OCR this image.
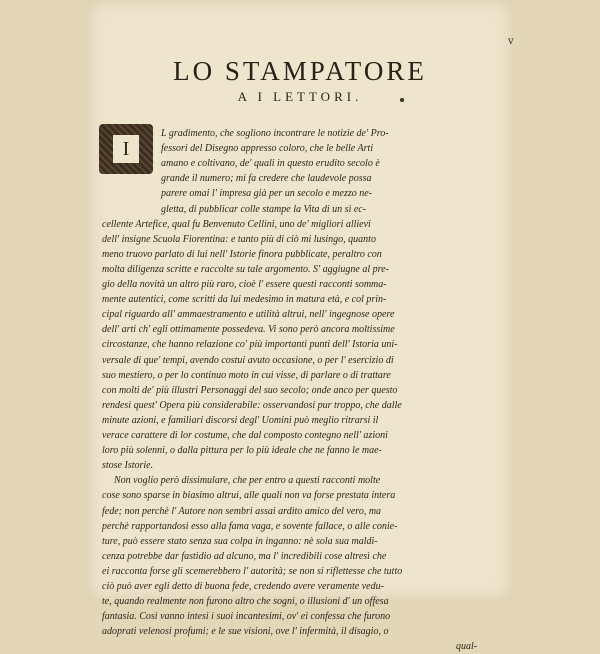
v
LO STAMPATORE
A I LETTORI.
I
L gradimento, che sogliono incontrare le notizie de' Pro-
fessori del Disegno appresso coloro, che le belle Arti
amano e coltivano, de' quali in questo erudito secolo è
grande il numero; mi fa credere che laudevole possa
parere omai l' impresa già per un secolo e mezzo ne-
gletta, di pubblicar colle stampe la Vita di un sì ec-
cellente Artefice, qual fu Benvenuto Cellini, uno de' migliori allievi
dell' insigne Scuola Fiorentina: e tanto più di ciò mi lusingo, quanto
meno truovo parlato di lui nell' Istorie finora pubblicate, peraltro con
molta diligenza scritte e raccolte su tale argomento. S' aggiugne al pre-
gio della novità un altro più raro, cioè l' essere questi racconti somma-
mente autentici, come scritti da lui medesimo in matura età, e col prin-
cipal riguardo all' ammaestramento e utilità altrui, nell' ingegnose opere
dell' arti ch' egli ottimamente possedeva. Vi sono però ancora moltissime
circostanze, che hanno relazione co' più importanti punti dell' Istoria uni-
versale di que' tempi, avendo costui avuto occasione, o per l' esercizio di
suo mestiero, o per lo continuo moto in cui visse, di parlare o di trattare
con molti de' più illustri Personaggi del suo secolo; onde anco per questo
rendesi quest' Opera più considerabile: osservandosi pur troppo, che dalle
minute azioni, e familiari discorsi degl' Uomini può meglio ritrarsi il
verace carattere di lor costume, che dal composto contegno nell' azioni
loro più solenni, o dalla pittura per lo più ideale che ne fanno le mae-
stose Istorie.
Non voglio però dissimulare, che per entro a questi racconti molte
cose sono sparse in biasimo altrui, alle quali non va forse prestata intera
fede; non perchè l' Autore non sembri assai ardito amico del vero, ma
perchè rapportandosi esso alla fama vaga, e sovente fallace, o alle conie-
ture, può essere stato senza sua colpa in inganno: nè sola sua maldi-
cenza potrebbe dar fastidio ad alcuno, ma l' incredibili cose altresì che
ei racconta forse gli scemerebbero l' autorità; se non si riflettesse che tutto
ciò può aver egli detto di buona fede, credendo avere veramente vedu-
te, quando realmente non furono altro che sogni, o illusioni d' un offesa
fantasia. Così vanno intesi i suoi incantesimi, ov' ei confessa che furono
adoprati velenosi profumi; e le sue visioni, ove l' infermità, il disagio, o
qual-
